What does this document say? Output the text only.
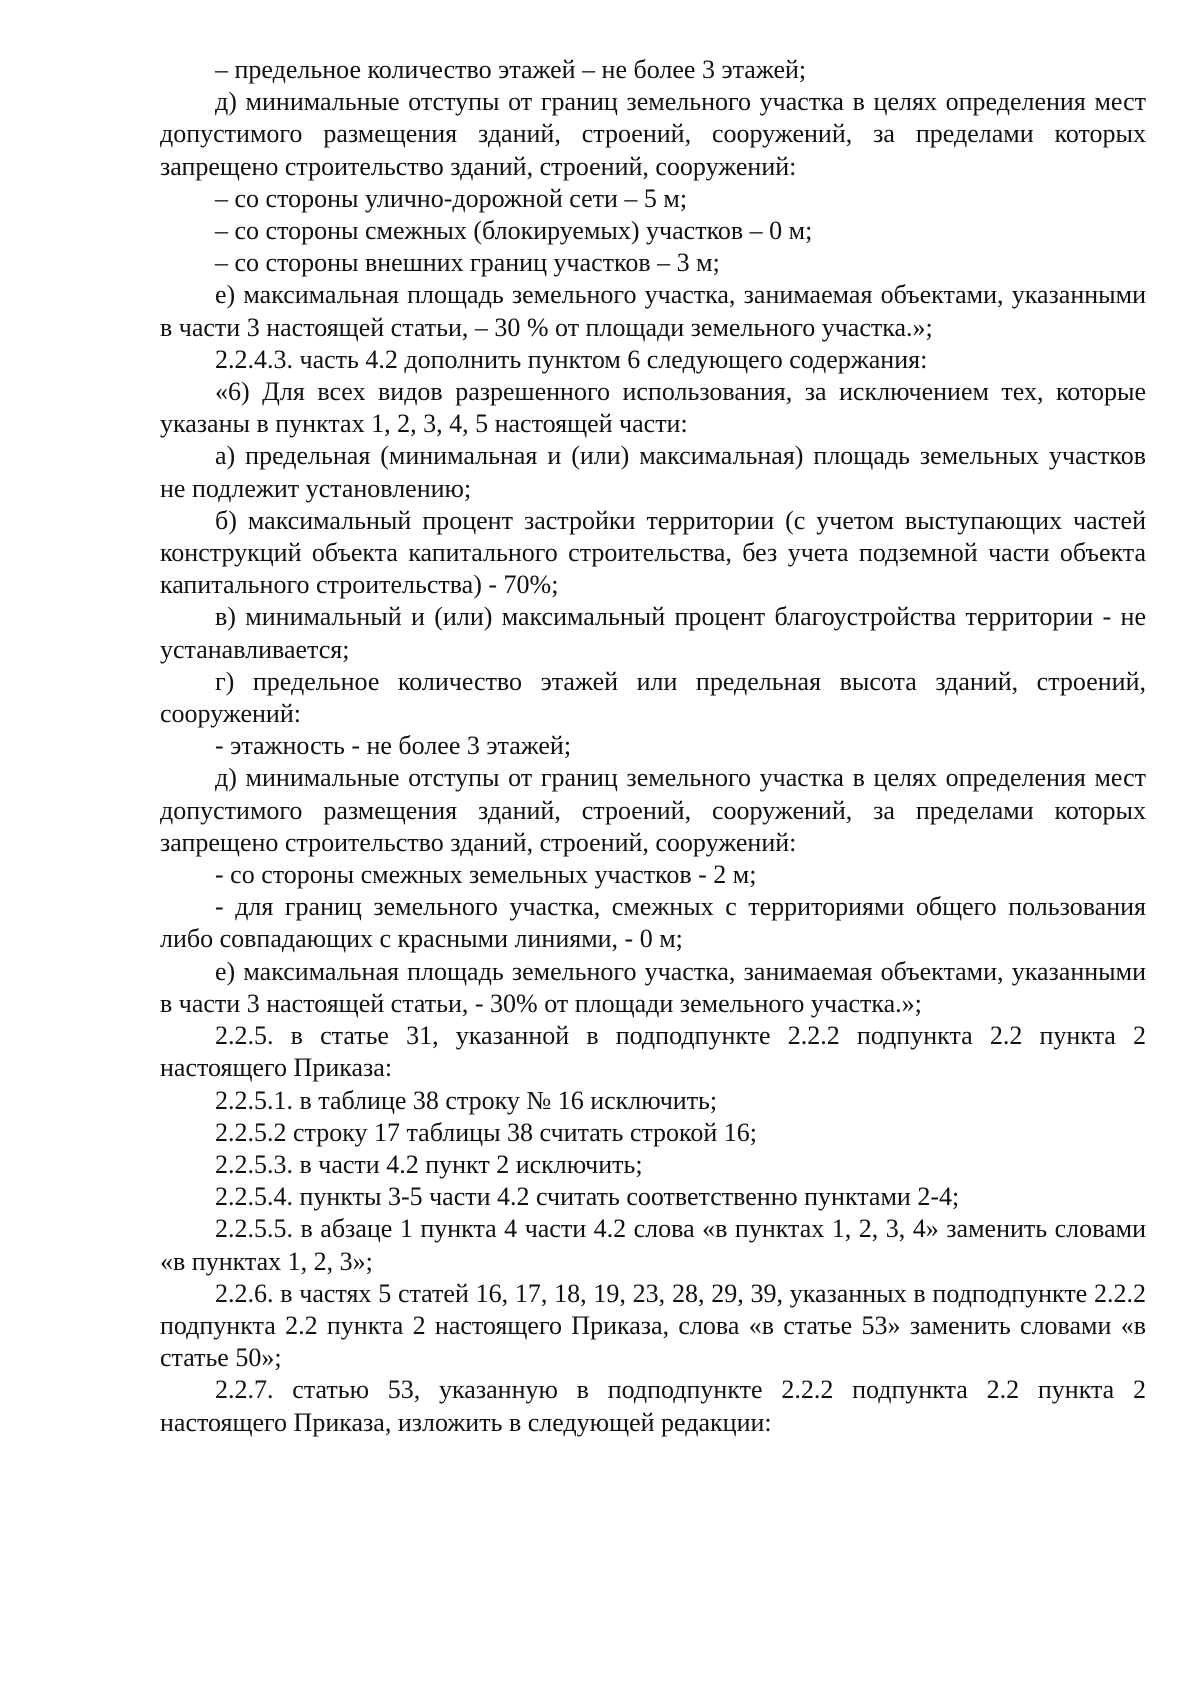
– предельное количество этажей – не более 3 этажей;

д) минимальные отступы от границ земельного участка в целях определения мест допустимого размещения зданий, строений, сооружений, за пределами которых запрещено строительство зданий, строений, сооружений:

– со стороны улично-дорожной сети – 5 м;

– со стороны смежных (блокируемых) участков – 0 м;

– со стороны внешних границ участков – 3 м;

е) максимальная площадь земельного участка, занимаемая объектами, указанными в части 3 настоящей статьи, – 30 % от площади земельного участка.»;

2.2.4.3. часть 4.2 дополнить пунктом 6 следующего содержания:

«6) Для всех видов разрешенного использования, за исключением тех, которые указаны в пунктах 1, 2, 3, 4, 5 настоящей части:

а) предельная (минимальная и (или) максимальная) площадь земельных участков не подлежит установлению;

б) максимальный процент застройки территории (с учетом выступающих частей конструкций объекта капитального строительства, без учета подземной части объекта капитального строительства) - 70%;

в) минимальный и (или) максимальный процент благоустройства территории - не устанавливается;

г) предельное количество этажей или предельная высота зданий, строений, сооружений:

- этажность - не более 3 этажей;

д) минимальные отступы от границ земельного участка в целях определения мест допустимого размещения зданий, строений, сооружений, за пределами которых запрещено строительство зданий, строений, сооружений:

- со стороны смежных земельных участков - 2 м;

- для границ земельного участка, смежных с территориями общего пользования либо совпадающих с красными линиями, - 0 м;

е) максимальная площадь земельного участка, занимаемая объектами, указанными в части 3 настоящей статьи, - 30% от площади земельного участка.»;

2.2.5. в статье 31, указанной в подподпункте 2.2.2 подпункта 2.2 пункта 2 настоящего Приказа:

2.2.5.1. в таблице 38 строку № 16 исключить;

2.2.5.2 строку 17 таблицы 38 считать строкой 16;

2.2.5.3. в части 4.2 пункт 2 исключить;

2.2.5.4. пункты 3-5 части 4.2 считать соответственно пунктами 2-4;

2.2.5.5. в абзаце 1 пункта 4 части 4.2 слова «в пунктах 1, 2, 3, 4» заменить словами «в пунктах 1, 2, 3»;

2.2.6. в частях 5 статей 16, 17, 18, 19, 23, 28, 29, 39, указанных в подподпункте 2.2.2 подпункта 2.2 пункта 2 настоящего Приказа, слова «в статье 53» заменить словами «в статье 50»;

2.2.7. статью 53, указанную в подподпункте 2.2.2 подпункта 2.2 пункта 2 настоящего Приказа, изложить в следующей редакции:
